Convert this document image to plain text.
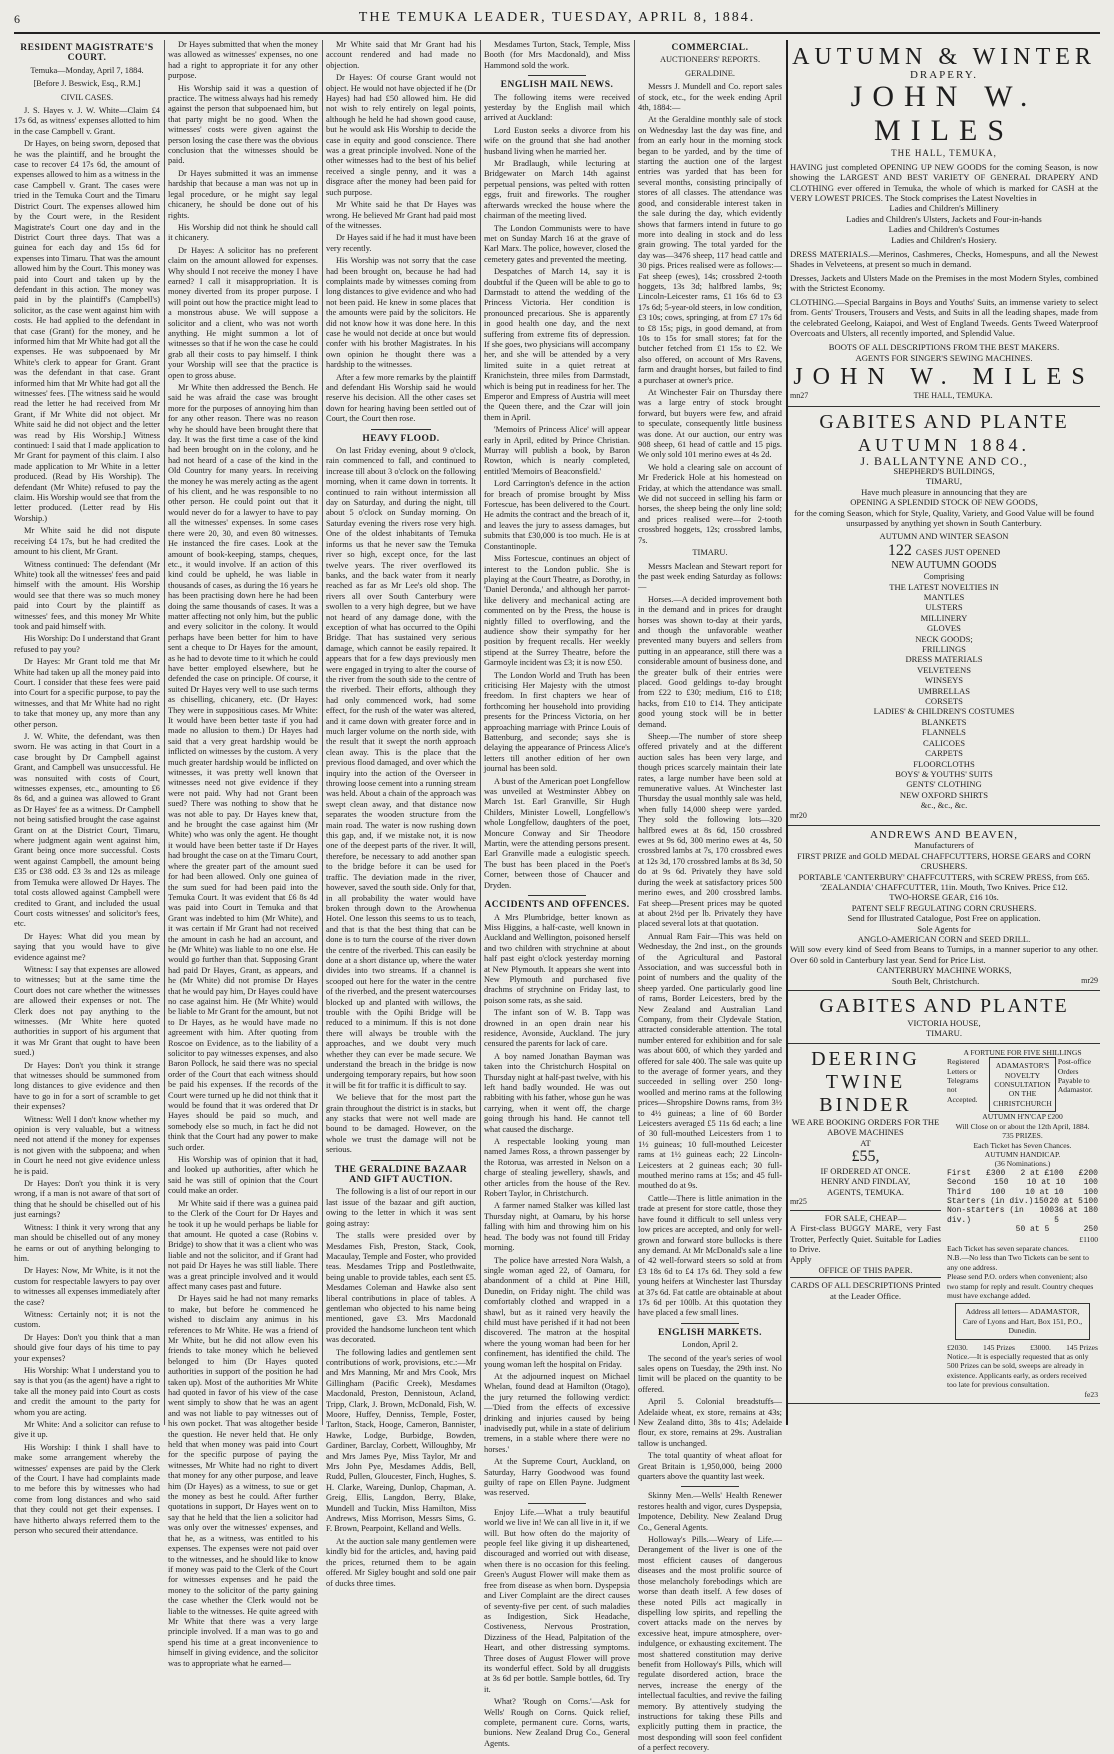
6	THE TEMUKA LEADER, TUESDAY, APRIL 8, 1884.
RESIDENT MAGISTRATE'S COURT.
Temuka—Monday, April 7, 1884.
[Before J. Beswick, Esq., R.M.]
CIVIL CASES.

J. S. Hayes v. J. W. White—Claim £4 17s 6d, as witness' expenses allotted to him in the case Campbell v. Grant.

Dr Hayes, on being sworn, deposed that he was the plaintiff, and he brought the case to recover £4 17s 6d, the amount of expenses allowed to him as a witness in the case Campbell v. Grant. The cases were tried in the Temuka Court and the Timaru District Court. The expenses allowed him by the Court were, in the Resident Magistrate's Court one day and in the District Court three days. That was a guinea for each day and 15s 6d for expenses into Timaru. That was the amount allowed him by the Court. This money was paid into Court and taken up by the defendant in this action. The money was paid in by the plaintiff's (Campbell's) solicitor, as the case went against him with costs. He had applied to the defendant in that case (Grant) for the money, and he informed him that Mr White had got all the expenses. He was subpoenaed by Mr White's clerk to appear for Grant. Grant was the defendant in that case. Grant informed him that Mr White had got all the witnesses' fees. [The witness said he would read the letter he had received from Mr Grant, if Mr White did not object. Mr White said he did not object and the letter was read by His Worship.] Witness continued: I said that I made application to Mr Grant for payment of this claim. I also made application to Mr White in a letter produced. (Read by His Worship). The defendant (Mr White) refused to pay the claim. His Worship would see that from the letter produced. (Letter read by His Worship.)

Mr White said he did not dispute receiving £4 17s, but he had credited the amount to his client, Mr Grant.

Witness continued: The defendant (Mr White) took all the witnesses' fees and paid himself with the amount. His Worship would see that there was so much money paid into Court by the plaintiff as witnesses' fees, and this money Mr White took and paid himself with.

His Worship: Do I understand that Grant refused to pay you?

Dr Hayes: Mr Grant told me that Mr White had taken up all the money paid into Court. I consider that these fees were paid into Court for a specific purpose, to pay the witnesses, and that Mr White had no right to take that money up, any more than any other person.

J. W. White, the defendant, was then sworn. He was acting in that Court in a case brought by Dr Campbell against Grant, and Campbell was unsuccessful. He was nonsuited with costs of Court, witnesses expenses, etc., amounting to £6 8s 6d, and a guinea was allowed to Grant as Dr Hayes' fee as a witness. Dr Campbell not being satisfied brought the case against Grant on at the District Court, Timaru, where judgment again went against him, Grant being once more successful. Costs went against Campbell, the amount being £35 or £38 odd. £3 3s and 12s as mileage from Temuka were allowed Dr Hayes. The total costs allowed against Campbell were credited to Grant, and included the usual Court costs witnesses' and solicitor's fees, etc.

Dr Hayes: What did you mean by saying that you would have to give evidence against me?

Witness: I say that expenses are allowed to witnesses; but at the same time the Court does not care whether the witnesses are allowed their expenses or not. The Clerk does not pay anything to the witnesses. (Mr White here quoted authorities in support of his argument that it was Mr Grant that ought to have been sued.)

Dr Hayes: Don't you think it strange that witnesses should be summoned from long distances to give evidence and then have to go in for a sort of scramble to get their expenses?

Witness: Well I don't know whether my opinion is very valuable, but a witness need not attend if the money for expenses is not given with the subpoena; and when in Court he need not give evidence unless he is paid.

Dr Hayes: Don't you think it is very wrong, if a man is not aware of that sort of thing that he should be chiselled out of his just earnings?

Witness: I think it very wrong that any man should be chiselled out of any money he earns or out of anything belonging to him.

Dr Hayes: Now, Mr White, is it not the custom for respectable lawyers to pay over to witnesses all expenses immediately after the case?

Witness: Certainly not; it is not the custom.

Dr Hayes: Don't you think that a man should give four days of his time to pay your expenses?

His Worship: What I understand you to say is that you (as the agent) have a right to take all the money paid into Court as costs and credit the amount to the party for whom you are acting.

Mr White: And a solicitor can refuse to give it up.

His Worship: I think I shall have to make some arrangement whereby the witnesses' expenses are paid by the Clerk of the Court. I have had complaints made to me before this by witnesses who had come from long distances and who said that they could not get their expenses. I have hitherto always referred them to the person who secured their attendance.

Dr Hayes submitted that when the money was allowed as witnesses' expenses, no one had a right to appropriate it for any other purpose.

His Worship said it was a question of practice. The witness always had his remedy against the person that subpoenaed him, but that party might be no good. When the witnesses' costs were given against the person losing the case there was the obvious conclusion that the witnesses should be paid.

Dr Hayes submitted it was an immense hardship that because a man was not up in legal procedure, or he might say legal chicanery, he should be done out of his rights.

His Worship did not think he should call it chicanery.

Dr Hayes: A solicitor has no preferent claim on the amount allowed for expenses. Why should I not receive the money I have earned? I call it misappropriation. It is money diverted from its proper purpose. I will point out how the practice might lead to a monstrous abuse. We will suppose a solicitor and a client, who was not worth anything. He might summon a lot of witnesses so that if he won the case he could grab all their costs to pay himself. I think your Worship will see that the practice is open to gross abuse.

Mr White then addressed the Bench. He said he was afraid the case was brought more for the purposes of annoying him than for any other reason. There was no reason why he should have been brought there that day. It was the first time a case of the kind had been brought on in the colony, and he had not heard of a case of the kind in the Old Country for many years. In receiving the money he was merely acting as the agent of his client, and he was responsible to no other person. He could point out that it would never do for a lawyer to have to pay all the witnesses' expenses. In some cases there were 20, 30, and even 80 witnesses. He instanced the fire cases. Look at the amount of book-keeping, stamps, cheques, etc., it would involve. If an action of this kind could be upheld, he was liable in thousands of cases, as during the 16 years he has been practising down here he had been doing the same thousands of cases. It was a matter affecting not only him, but the public and every solicitor in the colony. It would perhaps have been better for him to have sent a cheque to Dr Hayes for the amount, as he had to devote time to it which he could have better employed elsewhere, but he defended the case on principle. Of course, it suited Dr Hayes very well to use such terms as chiselling, chicanery, etc. (Dr Hayes: They were in suppositious cases. Mr White: It would have been better taste if you had made no allusion to them.) Dr Hayes had said that a very great hardship would be inflicted on witnesses by the custom. A very much greater hardship would be inflicted on witnesses, it was pretty well known that witnesses need not give evidence if they were not paid. Why had not Grant been sued? There was nothing to show that he was not able to pay. Dr Hayes knew that, and he brought the case against him (Mr White) who was only the agent. He thought it would have been better taste if Dr Hayes had brought the case on at the Timaru Court, where the greater part of the amount sued for had been allowed. Only one guinea of the sum sued for had been paid into the Temuka Court. It was evident that £6 8s 4d was paid into Court in Temuka and that Grant was indebted to him (Mr White), and it was certain if Mr Grant had not received the amount in cash he had an account, and he (Mr White) was liable to no one else. He would go further than that. Supposing Grant had paid Dr Hayes, Grant, as appears, and he (Mr White) did not promise Dr Hayes that he would pay him, Dr Hayes could have no case against him. He (Mr White) would be liable to Mr Grant for the amount, but not to Dr Hayes, as he would have made no agreement with him. After quoting from Roscoe on Evidence, as to the liability of a solicitor to pay witnesses expenses, and also Baron Pollock, he said there was no special order of the Court that each witness should be paid his expenses. If the records of the Court were turned up he did not think that it would be found that it was ordered that Dr Hayes should be paid so much, and somebody else so much, in fact he did not think that the Court had any power to make such order.

His Worship was of opinion that it had, and looked up authorities, after which he said he was still of opinion that the Court could make an order.

Mr White said if there was a guinea paid to the Clerk of the Court for Dr Hayes and he took it up he would perhaps be liable for that amount. He quoted a case (Robins v. Bridge) to show that it was a client who was liable and not the solicitor, and if Grant had not paid Dr Hayes he was still liable. There was a great principle involved and it would affect many cases past and future.

Dr Hayes said he had not many remarks to make, but before he commenced he wished to disclaim any animus in his references to Mr White. He was a friend of Mr White, but he did not allow even his friends to take money which he believed belonged to him (Dr Hayes quoted authorities in support of the position he had taken up). Most of the authorities Mr White had quoted in favor of his view of the case went simply to show that he was an agent and was not liable to pay witnesses out of his own pocket. That was altogether beside the question. He never held that. He only held that when money was paid into Court for the specific purpose of paying the witnesses, Mr White had no right to divert that money for any other purpose, and leave him (Dr Hayes) as a witness, to sue or get the money as best he could. After further quotations in support, Dr Hayes went on to say that he held that the lien a solicitor had was only over the witnesses' expenses, and that he, as a witness, was entitled to his expenses. The expenses were not paid over to the witnesses, and he should like to know if money was paid to the Clerk of the Court for witnesses expenses and he paid the money to the solicitor of the party gaining the case whether the Clerk would not be liable to the witnesses. He quite agreed with Mr White that there was a very large principle involved. If a man was to go and spend his time at a great inconvenience to himself in giving evidence, and the solicitor was to appropriate what he earned—

Mr White said that Mr Grant had his account rendered and had made no objection.

Dr Hayes: Of course Grant would not object. He would not have objected if he (Dr Hayes) had had £50 allowed him. He did not wish to rely entirely on legal points, although he held he had shown good cause, but he would ask His Worship to decide the case in equity and good conscience. There was a great principle involved. None of the other witnesses had to the best of his belief received a single penny, and it was a disgrace after the money had been paid for such purpose.

Mr White said he that Dr Hayes was wrong. He believed Mr Grant had paid most of the witnesses.

Dr Hayes said if he had it must have been very recently.

His Worship was not sorry that the case had been brought on, because he had had complaints made by witnesses coming from long distances to give evidence and who had not been paid. He knew in some places that the amounts were paid by the solicitors. He did not know how it was done here. In this case he would not decide at once but would confer with his brother Magistrates. In his own opinion he thought there was a hardship to the witnesses.

After a few more remarks by the plaintiff and defendant His Worship said he would reserve his decision. All the other cases set down for hearing having been settled out of Court, the Court then rose.

HEAVY FLOOD.

On last Friday evening, about 9 o'clock, rain commenced to fall, and continued to increase till about 3 o'clock on the following morning, when it came down in torrents. It continued to rain without intermission all day on Saturday, and during the night, till about 5 o'clock on Sunday morning. On Saturday evening the rivers rose very high. One of the oldest inhabitants of Temuka informs us that he never saw the Temuka river so high, except once, for the last twelve years. The river overflowed its banks, and the back water from it nearly reached as far as Mr Lee's old shop. The rivers all over South Canterbury were swollen to a very high degree, but we have not heard of any damage done, with the exception of what has occurred to the Opihi Bridge. That has sustained very serious damage, which cannot be easily repaired. It appears that for a few days previously men were engaged in trying to alter the course of the river from the south side to the centre of the riverbed. Their efforts, although they had only commenced work, had some effect, for the rush of the water was altered, and it came down with greater force and in much larger volume on the north side, with the result that it swept the north approach clean away. This is the place that the previous flood damaged, and over which the inquiry into the action of the Overseer in throwing loose cement into a running stream was held. About a chain of the approach was swept clean away, and that distance now separates the wooden structure from the main road. The water is now rushing down this gap, and, if we mistake not, it is now one of the deepest parts of the river. It will, therefore, be necessary to add another span to the bridge before it can be used for traffic. The deviation made in the river, however, saved the south side. Only for that, in all probability the water would have broken through down to the Arowhenua Hotel. One lesson this seems to us to teach, and that is that the best thing that can be done is to turn the course of the river down the centre of the riverbed. This can easily be done at a short distance up, where the water divides into two streams. If a channel is scooped out here for the water in the centre of the riverbed, and the present watercourses blocked up and planted with willows, the trouble with the Opihi Bridge will be reduced to a minimum. If this is not done there will always be trouble with the approaches, and we doubt very much whether they can ever be made secure. We understand the breach in the bridge is now undergoing temporary repairs, but how soon it will be fit for traffic it is difficult to say.

We believe that for the most part the grain throughout the district is in stacks, but any stacks that were not well made are bound to be damaged. However, on the whole we trust the damage will not be serious.

THE GERALDINE BAZAAR AND GIFT AUCTION.

The following is a list of our report in our last issue of the bazaar and gift auction, owing to the letter in which it was sent going astray:

The stalls were presided over by Mesdames Fish, Preston, Stack, Cook, Macaulay, Temple and Foster, who provided teas. Mesdames Tripp and Postlethwaite, being unable to provide tables, each sent £5. Mesdames Coleman and Hawke also sent liberal contributions in place of tables. A gentleman who objected to his name being mentioned, gave £3. Mrs Macdonald provided the handsome luncheon tent which was decorated.

The following ladies and gentlemen sent contributions of work, provisions, etc.:—Mr and Mrs Manning, Mr and Mrs Cook, Mrs Gillingham (Pacific Creek), Mesdames Macdonald, Preston, Dennistoun, Acland, Tripp, Clark, J. Brown, McDonald, Fish, W. Moore, Huffey, Denniss, Temple, Foster, Tarlton, Stack, Hooge, Cameron, Bannister, Hawke, Lodge, Burbidge, Bowden, Gardiner, Barclay, Corbett, Willoughby, Mr and Mrs James Pye, Miss Taylor, Mr and Mrs John Pye, Mesdames Addis, Bell, Rudd, Pullen, Gloucester, Finch, Hughes, S. H. Clarke, Wareing, Dunlop, Chapman, A. Greig, Ellis, Langdon, Berry, Blake, Mundell and Tuckin, Miss Hamilton, Miss Andrews, Miss Morrison, Messrs Sims, G. F. Brown, Pearpoint, Kelland and Wells.

At the auction sale many gentlemen were kindly bid for the articles, and, having paid the prices, returned them to be again offered. Mr Sigley bought and sold one pair of ducks three times.

Mesdames Turton, Stack, Temple, Miss Booth (for Mrs Macdonald), and Miss Hammond sold the work.

ENGLISH MAIL NEWS.

The following items were received yesterday by the English mail which arrived at Auckland:

Lord Euston seeks a divorce from his wife on the ground that she had another husband living when he married her.

Mr Bradlaugh, while lecturing at Bridgewater on March 14th against perpetual pensions, was pelted with rotten eggs, fruit and fireworks. The rougher afterwards wrecked the house where the chairman of the meeting lived.

The London Communists were to have met on Sunday March 16 at the grave of Karl Marx. The police, however, closed the cemetery gates and prevented the meeting.

Despatches of March 14, say it is doubtful if the Queen will be able to go to Darmstadt to attend the wedding of the Princess Victoria. Her condition is pronounced precarious. She is apparently in good health one day, and the next suffering from extreme fits of depression. If she goes, two physicians will accompany her, and she will be attended by a very limited suite in a quiet retreat at Kranichstein, three miles from Darmstadt, which is being put in readiness for her. The Emperor and Empress of Austria will meet the Queen there, and the Czar will join them in April.

'Memoirs of Princess Alice' will appear early in April, edited by Prince Christian. Murray will publish a book, by Baron Rowton, which is nearly completed, entitled 'Memoirs of Beaconsfield.'

Lord Carrington's defence in the action for breach of promise brought by Miss Fortescue, has been delivered to the Court. He admits the contract and the breach of it, and leaves the jury to assess damages, but submits that £30,000 is too much. He is at Constantinople.

Miss Fortescue, continues an object of interest to the London public. She is playing at the Court Theatre, as Dorothy, in 'Daniel Deronda,' and although her parrot-like delivery and mechanical acting are commented on by the Press, the house is nightly filled to overflowing, and the audience show their sympathy for her position by frequent recalls. Her weekly stipend at the Surrey Theatre, before the Garmoyle incident was £3; it is now £50.

The London World and Truth has been criticising Her Majesty with the utmost freedom. In first chapters we hear of forthcoming her household into providing presents for the Princess Victoria, on her approaching marriage with Prince Louis of Battenburg, and seconde; says she is delaying the appearance of Princess Alice's letters till another edition of her own journal has been sold.

A bust of the American poet Longfellow was unveiled at Westminster Abbey on March 1st. Earl Granville, Sir Hugh Childers, Minister Lowell, Longfellow's whole Longfellow, daughters of the poet, Moncure Conway and Sir Theodore Martin, were the attending persons present. Earl Granville made a eulogistic speech. The bust has been placed in the Poet's Corner, between those of Chaucer and Dryden.

ACCIDENTS AND OFFENCES.

A Mrs Plumbridge, better known as Miss Higgins, a half-caste, well known in Auckland and Wellington, poisoned herself and two children with strychnine at about half past eight o'clock yesterday morning at New Plymouth. It appears she went into New Plymouth and purchased five drachms of strychnine on Friday last, to poison some rats, as she said.

The infant son of W. B. Tapp was drowned in an open drain near his residence, Avonside, Auckland. The jury censured the parents for lack of care.

A boy named Jonathan Bayman was taken into the Christchurch Hospital on Thursday night at half-past twelve, with his left hand badly wounded. He was out rabbiting with his father, whose gun he was carrying, when it went off, the charge going through his hand. He cannot tell what caused the discharge.

A respectable looking young man named James Ross, a thrown passenger by the Rotorua, was arrested in Nelson on a charge of stealing jewellery, shawls, and other articles from the house of the Rev. Robert Taylor, in Christchurch.

A farmer named Stalker was killed last Thursday night, at Oamaru, by his horse falling with him and throwing him on his head. The body was not found till Friday morning.

The police have arrested Nora Walsh, a single woman aged 22, of Oamaru, for abandonment of a child at Pine Hill, Dunedin, on Friday night. The child was comfortably clothed and wrapped in a shawl, but as it rained very heavily the child must have perished if it had not been discovered. The matron at the hospital where the young woman had been for her confinement, has identified the child. The young woman left the hospital on Friday.

At the adjourned inquest on Michael Whelan, found dead at Hamilton (Otago), the jury returned the following verdict:—'Died from the effects of excessive drinking and injuries caused by being inadvisedly put, while in a state of delirium tremens, in a stable where there were no horses.'

At the Supreme Court, Auckland, on Saturday, Harry Goodwood was found guilty of rape on Ellen Payne. Judgment was reserved.

Enjoy Life.—What a truly beautiful world we live in! We can all live in it, if we will. But how often do the majority of people feel like giving it up disheartened, discouraged and worried out with disease, when there is no occasion for this feeling. Green's August Flower will make them as free from disease as when born. Dyspepsia and Liver Complaint are the direct causes of seventy-five per cent. of such maladies as Indigestion, Sick Headache, Costiveness, Nervous Prostration, Dizziness of the Head, Palpitation of the Heart, and other distressing symptoms. Three doses of August Flower will prove its wonderful effect. Sold by all druggists at 3s 6d per bottle. Sample bottles, 6d. Try it.

What? 'Rough on Corns.'—Ask for Wells' Rough on Corns. Quick relief, complete, permanent cure. Corns, warts, bunions. New Zealand Drug Co., General Agents.

COMMERCIAL.
AUCTIONEERS' REPORTS.
GERALDINE.

Messrs J. Mundell and Co. report sales of stock, etc., for the week ending April 4th, 1884:—

At the Geraldine monthly sale of stock on Wednesday last the day was fine, and from an early hour in the morning stock began to be yarded, and by the time of starting the auction one of the largest entries was yarded that has been for several months, consisting principally of stores of all classes. The attendance was good, and considerable interest taken in the sale during the day, which evidently shows that farmers intend in future to go more into dealing in stock and do less grain growing. The total yarded for the day was—3476 sheep, 117 head cattle and 30 pigs. Prices realised were as follows:—Fat sheep (ewes), 14s; crossbred 2-tooth hoggets, 13s 3d; halfbred lambs, 9s; Lincoln-Leicester rams, £1 16s 6d to £3 17s 6d; 5-year-old steers, in low condition, £3 10s; cows, springing, at from £7 17s 6d to £8 15s; pigs, in good demand, at from 10s to 15s for small stores; fat for the butcher fetched from £1 15s to £2. We also offered, on account of Mrs Ravens, farm and draught horses, but failed to find a purchaser at owner's price.

At Winchester Fair on Thursday there was a large entry of stock brought forward, but buyers were few, and afraid to speculate, consequently little business was done. At our auction, our entry was 908 sheep, 61 head of cattle and 15 pigs. We only sold 101 merino ewes at 4s 2d.

We hold a clearing sale on account of Mr Frederick Hole at his homestead on Friday, at which the attendance was small. We did not succeed in selling his farm or horses, the sheep being the only line sold; and prices realised were—for 2-tooth crossbred hoggets, 12s; crossbred lambs, 7s.

TIMARU.

Messrs Maclean and Stewart report for the past week ending Saturday as follows:—

Horses.—A decided improvement both in the demand and in prices for draught horses was shown to-day at their yards, and though the unfavorable weather prevented many buyers and sellers from putting in an appearance, still there was a considerable amount of business done, and the greater bulk of their entries were placed. Good geldings to-day brought from £22 to £30; medium, £16 to £18; hacks, from £10 to £14. They anticipate good young stock will be in better demand.

Sheep.—The number of store sheep offered privately and at the different auction sales has been very large, and though prices scarcely maintain their late rates, a large number have been sold at remunerative values. At Winchester last Thursday the usual monthly sale was held, when fully 14,000 sheep were yarded. They sold the following lots—320 halfbred ewes at 8s 6d, 150 crossbred ewes at 9s 6d, 300 merino ewes at 4s, 50 crossbred lambs at 7s, 170 crossbred ewes at 12s 3d, 170 crossbred lambs at 8s 3d, 50 do at 9s 6d. Privately they have sold during the week at satisfactory prices 500 merino ewes, and 200 crossbred lambs. Fat sheep—Present prices may be quoted at about 2½d per lb. Privately they have placed several lots at that quotation.

Annual Ram Fair—This was held on Wednesday, the 2nd inst., on the grounds of the Agricultural and Pastoral Association, and was successful both in point of numbers and the quality of the sheep yarded. One particularly good line of rams, Border Leicesters, bred by the New Zealand and Australian Land Company, from their Clydevale Station, attracted considerable attention. The total number entered for exhibition and for sale was about 600, of which they yarded and offered for sale 400. The sale was quite up to the average of former years, and they succeeded in selling over 250 long-woolled and merino rams at the following prices—Shropshire Downs rams, from 3½ to 4½ guineas; a line of 60 Border Leicesters averaged £5 11s 6d each; a line of 30 full-mouthed Leicesters from 1 to 1½ guineas; 10 full-mouthed Leicester rams at 1½ guineas each; 22 Lincoln-Leicesters at 2 guineas each; 30 full-mouthed merino rams at 15s; and 45 full-mouthed do at 9s.

Cattle—There is little animation in the trade at present for store cattle, those they have found it difficult to sell unless very low prices are accepted, and only for well-grown and forward store bullocks is there any demand. At Mr McDonald's sale a line of 42 well-forward steers so sold at from £3 18s 6d to £4 17s 6d. They sold a few young heifers at Winchester last Thursday at 37s 6d. Fat cattle are obtainable at about 17s 6d per 100lb. At this quotation they have placed a few small lines.

ENGLISH MARKETS.
London, April 2.

The second of the year's series of wool sales opens on Tuesday, the 29th inst. No limit will be placed on the quantity to be offered.

April 5. Colonial breadstuffs—Adelaide wheat, ex store, remains at 43s; New Zealand ditto, 38s to 41s; Adelaide flour, ex store, remains at 29s. Australian tallow is unchanged.

The total quantity of wheat afloat for Great Britain is 1,950,000, being 2000 quarters above the quantity last week.

Skinny Men.—Wells' Health Renewer restores health and vigor, cures Dyspepsia, Impotence, Debility. New Zealand Drug Co., General Agents.

Holloway's Pills.—Weary of Life.—Derangement of the liver is one of the most efficient causes of dangerous diseases and the most prolific source of those melancholy forebodings which are worse than death itself. A few doses of these noted Pills act magically in dispelling low spirits, and repelling the covert attacks made on the nerves by excessive heat, impure atmosphere, over-indulgence, or exhausting excitement. The most shattered constitution may derive benefit from Holloway's Pills, which will regulate disordered action, brace the nerves, increase the energy of the intellectual faculties, and revive the failing memory. By attentively studying the instructions for taking these Pills and explicitly putting them in practice, the most desponding will soon feel confident of a perfect recovery.

AUTUMN & WINTER
DRAPERY.
JOHN W. MILES
THE HALL, TEMUKA,
HAVING just completed OPENING UP NEW GOODS for the coming Season, is now showing the LARGEST AND BEST VARIETY OF GENERAL DRAPERY AND CLOTHING ever offered in Temuka, the whole of which is marked for CASH at the VERY LOWEST PRICES. The Stock comprises the Latest Novelties in
Ladies and Children's Millinery
Ladies and Children's Ulsters, Jackets and Four-in-hands
Ladies and Children's Costumes
Ladies and Children's Hosiery.
DRESS MATERIALS.—Merinos, Cashmeres, Checks, Homespuns, and all the Newest Shades in Velveteens, at present so much in demand.
Dresses, Jackets and Ulsters Made on the Premises in the most Modern Styles, combined with the Strictest Economy.
CLOTHING.—Special Bargains in Boys and Youths' Suits, an immense variety to select from. Gents' Trousers, Trousers and Vests, and Suits in all the leading shapes, made from the celebrated Geelong, Kaiapoi, and West of England Tweeds. Gents Tweed Waterproof Overcoats and Ulsters, all recently imported, and Splendid Value.
BOOTS OF ALL DESCRIPTIONS FROM THE BEST MAKERS.
AGENTS FOR SINGER'S SEWING MACHINES.
JOHN W. MILES
mn27	THE HALL, TEMUKA.
GABITES AND PLANTE
AUTUMN 1884.
J. BALLANTYNE AND CO.,
SHEPHERD'S BUILDINGS,
TIMARU,
Have much pleasure in announcing that they are
OPENING A SPLENDID STOCK OF NEW GOODS,
for the coming Season, which for Style, Quality, Variety, and Good Value will be found unsurpassed by anything yet shown in South Canterbury.
AUTUMN AND WINTER SEASON
122 CASES JUST OPENED
NEW AUTUMN GOODS
Comprising
THE LATEST NOVELTIES IN
MANTLES
ULSTERS
MILLINERY
GLOVES
NECK GOODS;
FRILLINGS
DRESS MATERIALS
VELVETEENS
WINSEYS
UMBRELLAS
CORSETS
LADIES' & CHILDREN'S COSTUMES
BLANKETS
FLANNELS
CALICOES
CARPETS
FLOORCLOTHS
BOYS' & YOUTHS' SUITS
GENTS' CLOTHING
NEW OXFORD SHIRTS
&c., &c., &c.
mr20
ANDREWS AND BEAVEN,
Manufacturers of
FIRST PRIZE and GOLD MEDAL CHAFFCUTTERS, HORSE GEARS and CORN CRUSHERS.
PORTABLE 'CANTERBURY' CHAFFCUTTERS, with SCREW PRESS, from £65.
'ZEALANDIA' CHAFFCUTTER, 11in. Mouth, Two Knives. Price £12.
TWO-HORSE GEAR, £16 10s.
PATENT SELF REGULATING CORN CRUSHERS.
Send for Illustrated Catalogue, Post Free on application.
Sole Agents for
ANGLO-AMERICAN CORN and SEED DRILL.
Will sow every kind of Seed from Beans to Turnips, in a manner superior to any other. Over 60 sold in Canterbury last year. Send for Price List.
CANTERBURY MACHINE WORKS,
South Belt, Christchurch.	mr29
GABITES AND PLANTE
VICTORIA HOUSE,
TIMARU.
DEERING
TWINE
BINDER
WE ARE BOOKING ORDERS FOR THE ABOVE MACHINES
AT
£55,
IF ORDERED AT ONCE.
HENRY AND FINDLAY,
AGENTS, TEMUKA.
mr25
FOR SALE, CHEAP—
A First-class BUGGY MARE, very Fast Trotter, Perfectly Quiet. Suitable for Ladies to Drive.
Apply
OFFICE OF THIS PAPER.
CARDS OF ALL DESCRIPTIONS Printed at the Leader Office.
A FORTUNE FOR FIVE SHILLINGS
Registered Letters or Telegrams not Accepted.
ADAMASTOR'S NOVELTY CONSULTATION ON THE CHRISTCHURCH
Post-office Orders Payable to Adamastor.
AUTUMN H'N'CAP £200
Will Close on or about the 12th April, 1884.
735 PRIZES.
Each Ticket has Seven Chances.
AUTUMN HANDICAP.
(36 Nominations.)
First £300 2 at £100 £200
Second 150 10 at 10 100
Third 100 10 at 10 100
Starters (in div.) 150 20 at 5 100
Non-starters (in div.)
100 36 at 5
180
50 at 5	250
£1100
Each Ticket has seven separate chances.
N.B.—No less than Two Tickets can be sent to any one address.
Please send P.O. orders when convenient; also two stamp for reply and result. Country cheques must have exchange added.
Address all letters— ADAMASTOR, Care of Lyons and Hart, Box 151, P.O., Dunedin.
£2030. 145 Prizes £3000. 145 Prizes
Notice.—It is especially requested that as only 500 Prizes can be sold, sweeps are already in existence. Applicants early, as orders received too late for previous consultation.
fe23
